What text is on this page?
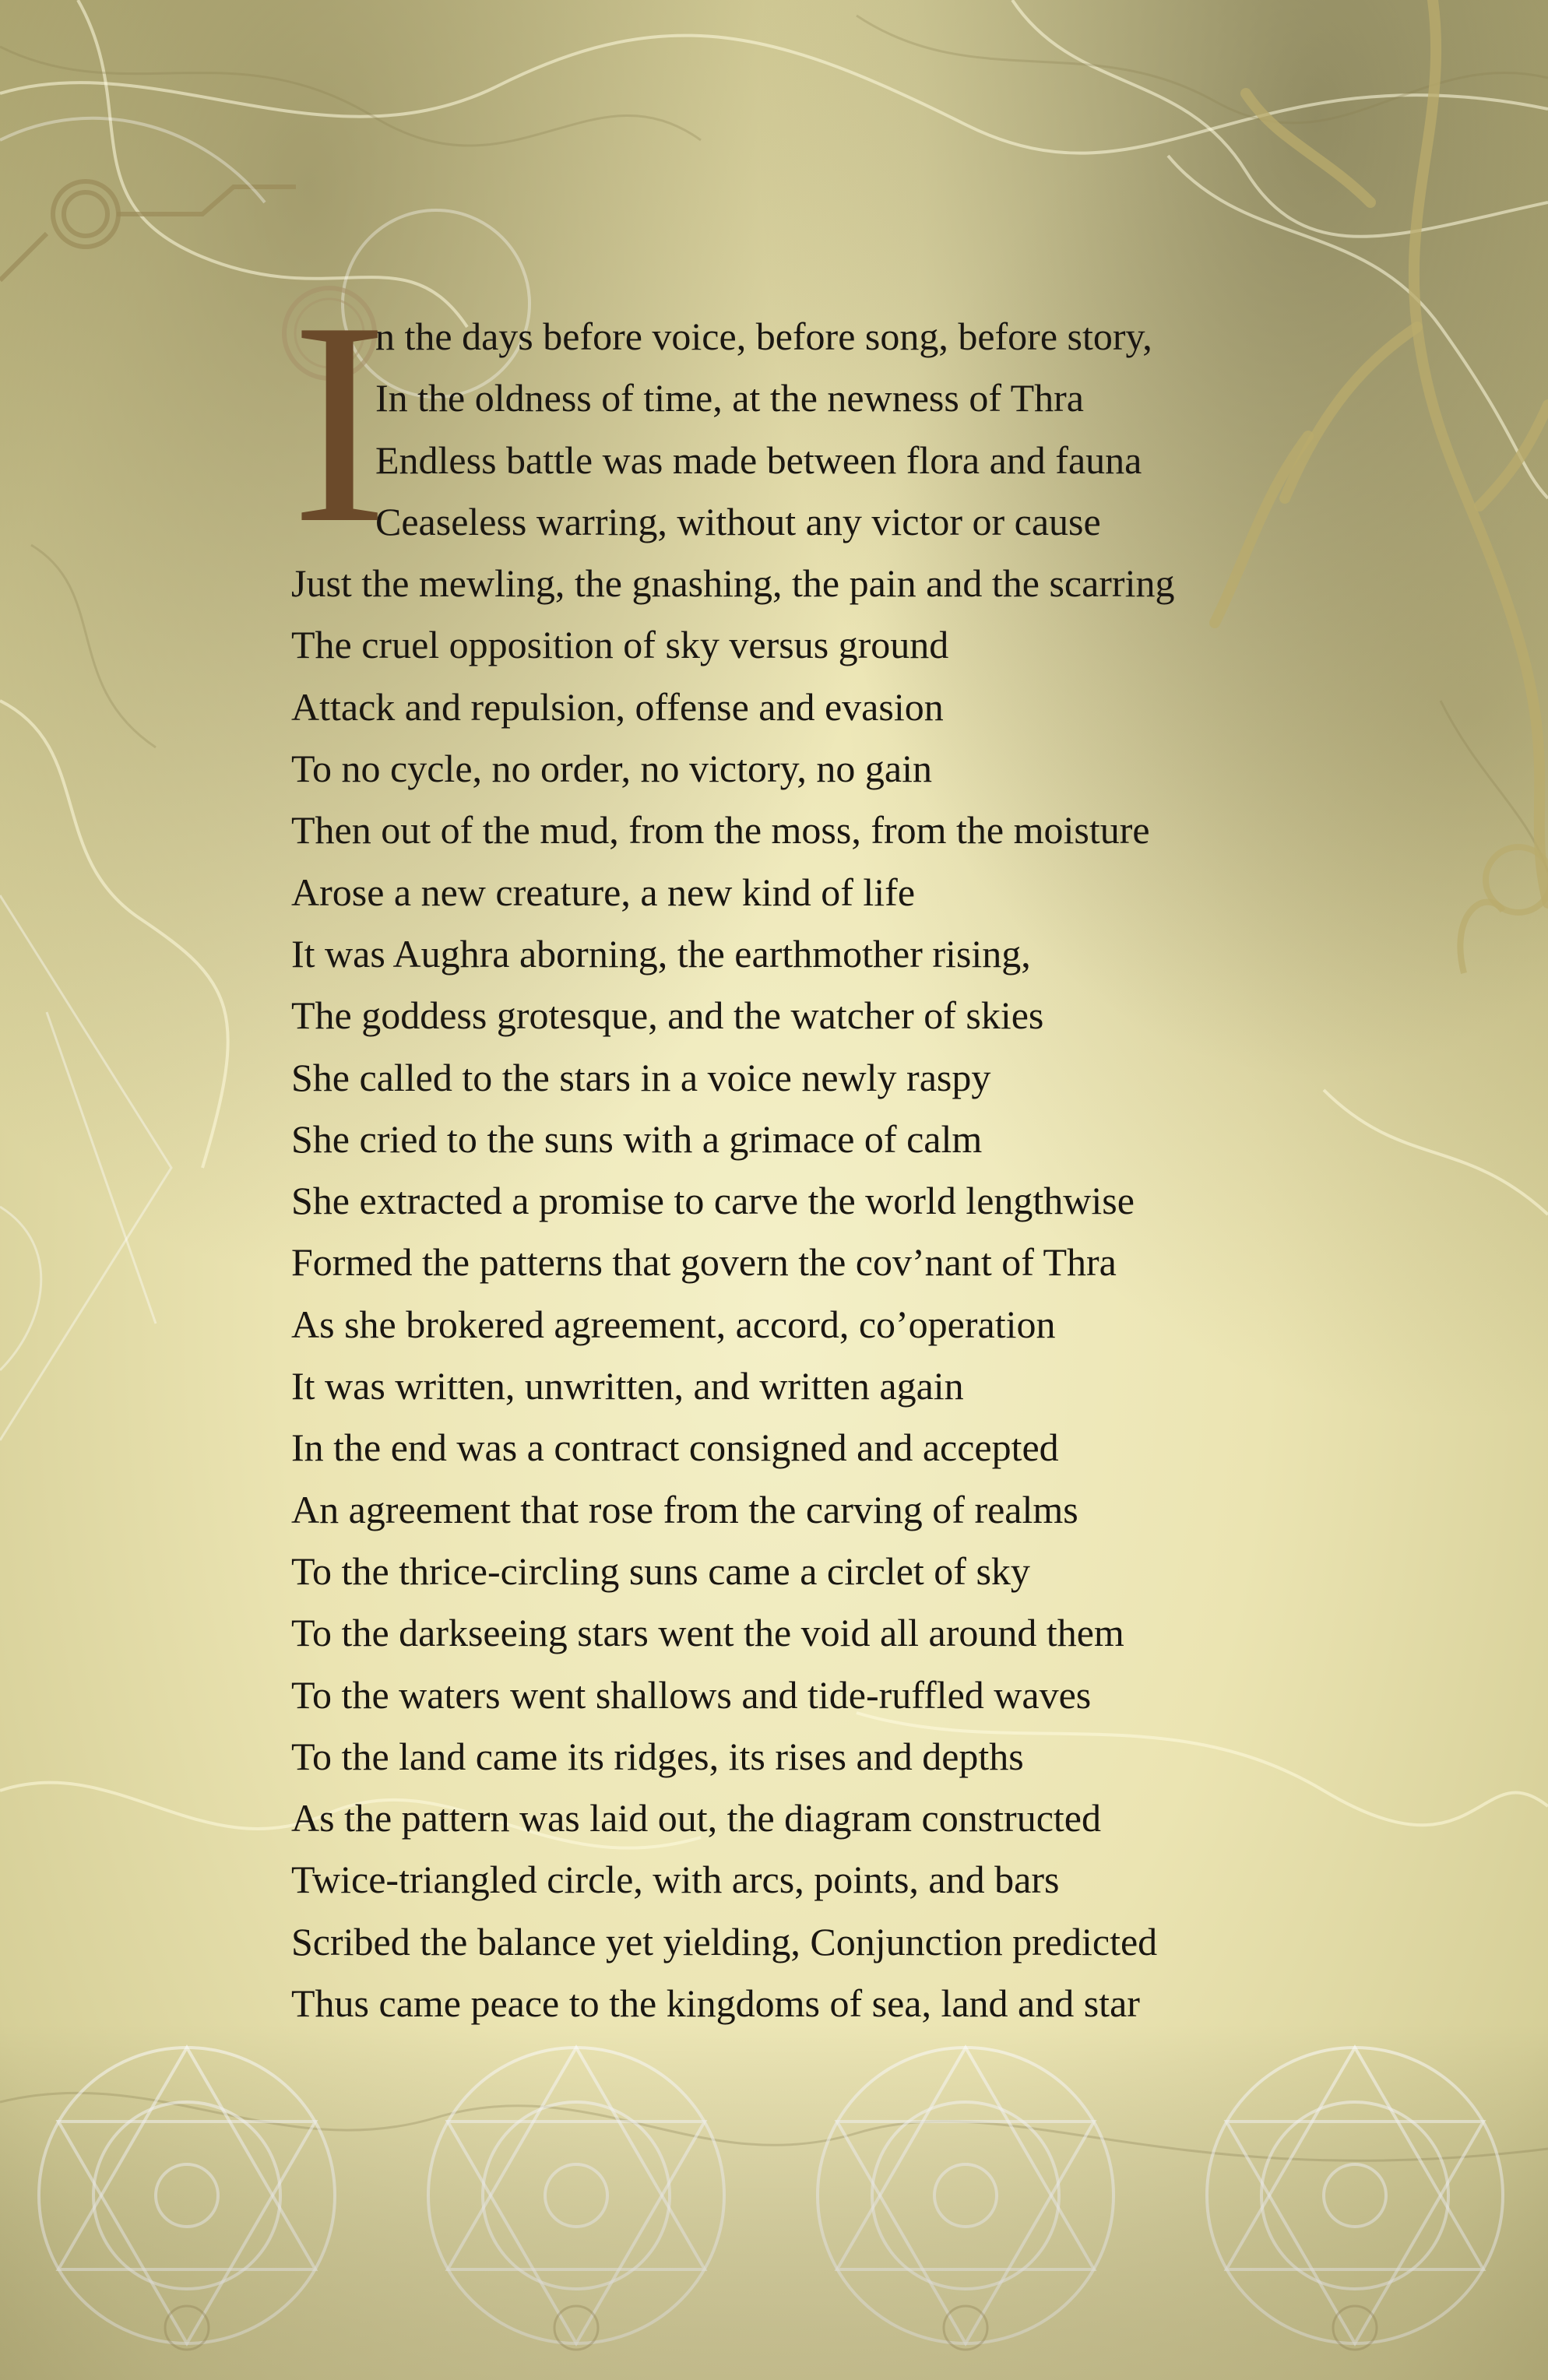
I
n the days before voice, before song, before story,
In the oldness of time, at the newness of Thra
Endless battle was made between flora and fauna
Ceaseless warring, without any victor or cause
Just the mewling, the gnashing, the pain and the scarring
The cruel opposition of sky versus ground
Attack and repulsion, offense and evasion
To no cycle, no order, no victory, no gain
Then out of the mud, from the moss, from the moisture
Arose a new creature, a new kind of life
It was Aughra aborning, the earthmother rising,
The goddess grotesque, and the watcher of skies
She called to the stars in a voice newly raspy
She cried to the suns with a grimace of calm
She extracted a promise to carve the world lengthwise
Formed the patterns that govern the cov’nant of Thra
As she brokered agreement, accord, co’operation
It was written, unwritten, and written again
In the end was a contract consigned and accepted
An agreement that rose from the carving of realms
To the thrice-circling suns came a circlet of sky
To the darkseeing stars went the void all around them
To the waters went shallows and tide-ruffled waves
To the land came its ridges, its rises and depths
As the pattern was laid out, the diagram constructed
Twice-triangled circle, with arcs, points, and bars
Scribed the balance yet yielding, Conjunction predicted
Thus came peace to the kingdoms of sea, land and star
